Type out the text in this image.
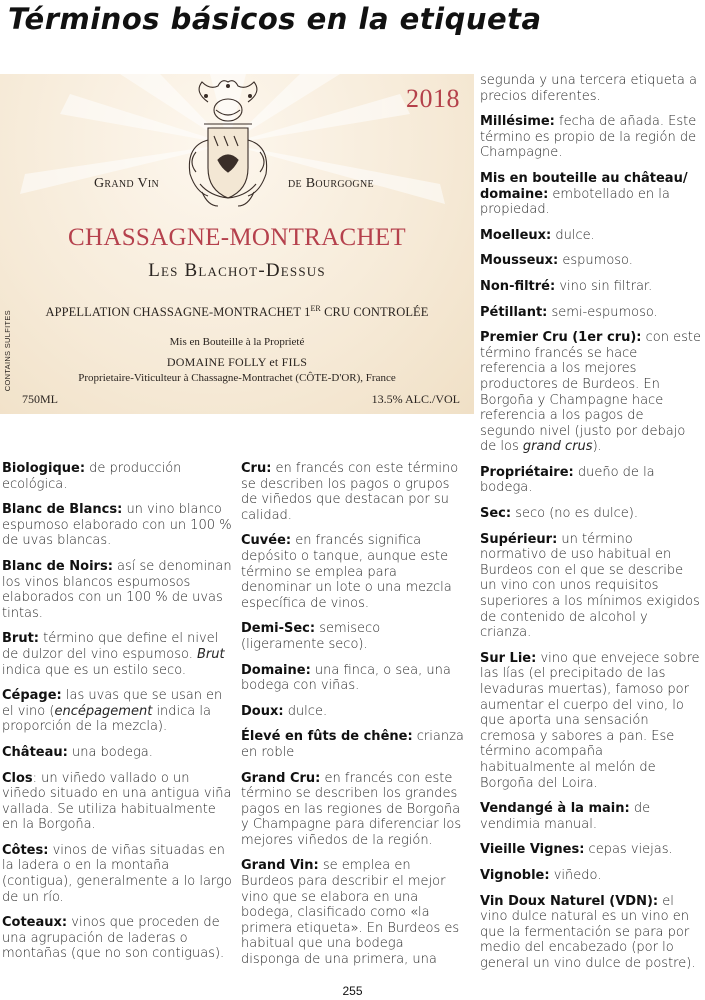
Términos básicos en la etiqueta
2018
Grand Vin	de Bourgogne
CHASSAGNE-MONTRACHET
Les Blachot-Dessus
APPELLATION CHASSAGNE-MONTRACHET 1ER CRU CONTROLÉE
Mis en Bouteille à la Proprieté
DOMAINE FOLLY et FILS
Proprietaire-Viticulteur à Chassagne-Montrachet (CÔTE-D'OR), France
750ML	13.5% ALC./VOL
CONTAINS SULFITES

Biologique: de producción ecológica.

Blanc de Blancs: un vino blanco espumoso elaborado con un 100 % de uvas blancas.

Blanc de Noirs: así se denominan los vinos blancos espumosos elaborados con un 100 % de uvas tintas.

Brut: término que define el nivel de dulzor del vino espumoso. Brut indica que es un estilo seco.

Cépage: las uvas que se usan en el vino (encépagement indica la proporción de la mezcla).

Château: una bodega.

Clos: un viñedo vallado o un viñedo situado en una antigua viña vallada. Se utiliza habitualmente en la Borgoña.

Côtes: vinos de viñas situadas en la ladera o en la montaña (contigua), generalmente a lo largo de un río.

Coteaux: vinos que proceden de una agrupación de laderas o montañas (que no son contiguas).

Cru: en francés con este término se describen los pagos o grupos de viñedos que destacan por su calidad.

Cuvée: en francés significa depósito o tanque, aunque este término se emplea para denominar un lote o una mezcla específica de vinos.

Demi-Sec: semiseco (ligeramente seco).

Domaine: una finca, o sea, una bodega con viñas.

Doux: dulce.

Élevé en fûts de chêne: crianza en roble

Grand Cru: en francés con este término se describen los grandes pagos en las regiones de Borgoña y Champagne para diferenciar los mejores viñedos de la región.

Grand Vin: se emplea en Burdeos para describir el mejor vino que se elabora en una bodega, clasificado como «la primera etiqueta». En Burdeos es habitual que una bodega disponga de una primera, una

segunda y una tercera etiqueta a precios diferentes.

Millésime: fecha de añada. Este término es propio de la región de Champagne.

Mis en bouteille au château/ domaine: embotellado en la propiedad.

Moelleux: dulce.

Mousseux: espumoso.

Non-filtré: vino sin filtrar.

Pétillant: semi-espumoso.

Premier Cru (1er cru): con este término francés se hace referencia a los mejores productores de Burdeos. En Borgoña y Champagne hace referencia a los pagos de segundo nivel (justo por debajo de los grand crus).

Propriétaire: dueño de la bodega.

Sec: seco (no es dulce).

Supérieur: un término normativo de uso habitual en Burdeos con el que se describe un vino con unos requisitos superiores a los mínimos exigidos de contenido de alcohol y crianza.

Sur Lie: vino que envejece sobre las lías (el precipitado de las levaduras muertas), famoso por aumentar el cuerpo del vino, lo que aporta una sensación cremosa y sabores a pan. Ese término acompaña habitualmente al melón de Borgoña del Loira.

Vendangé à la main: de vendimia manual.

Vieille Vignes: cepas viejas.

Vignoble: viñedo.

Vin Doux Naturel (VDN): el vino dulce natural es un vino en que la fermentación se para por medio del encabezado (por lo general un vino dulce de postre).

255
